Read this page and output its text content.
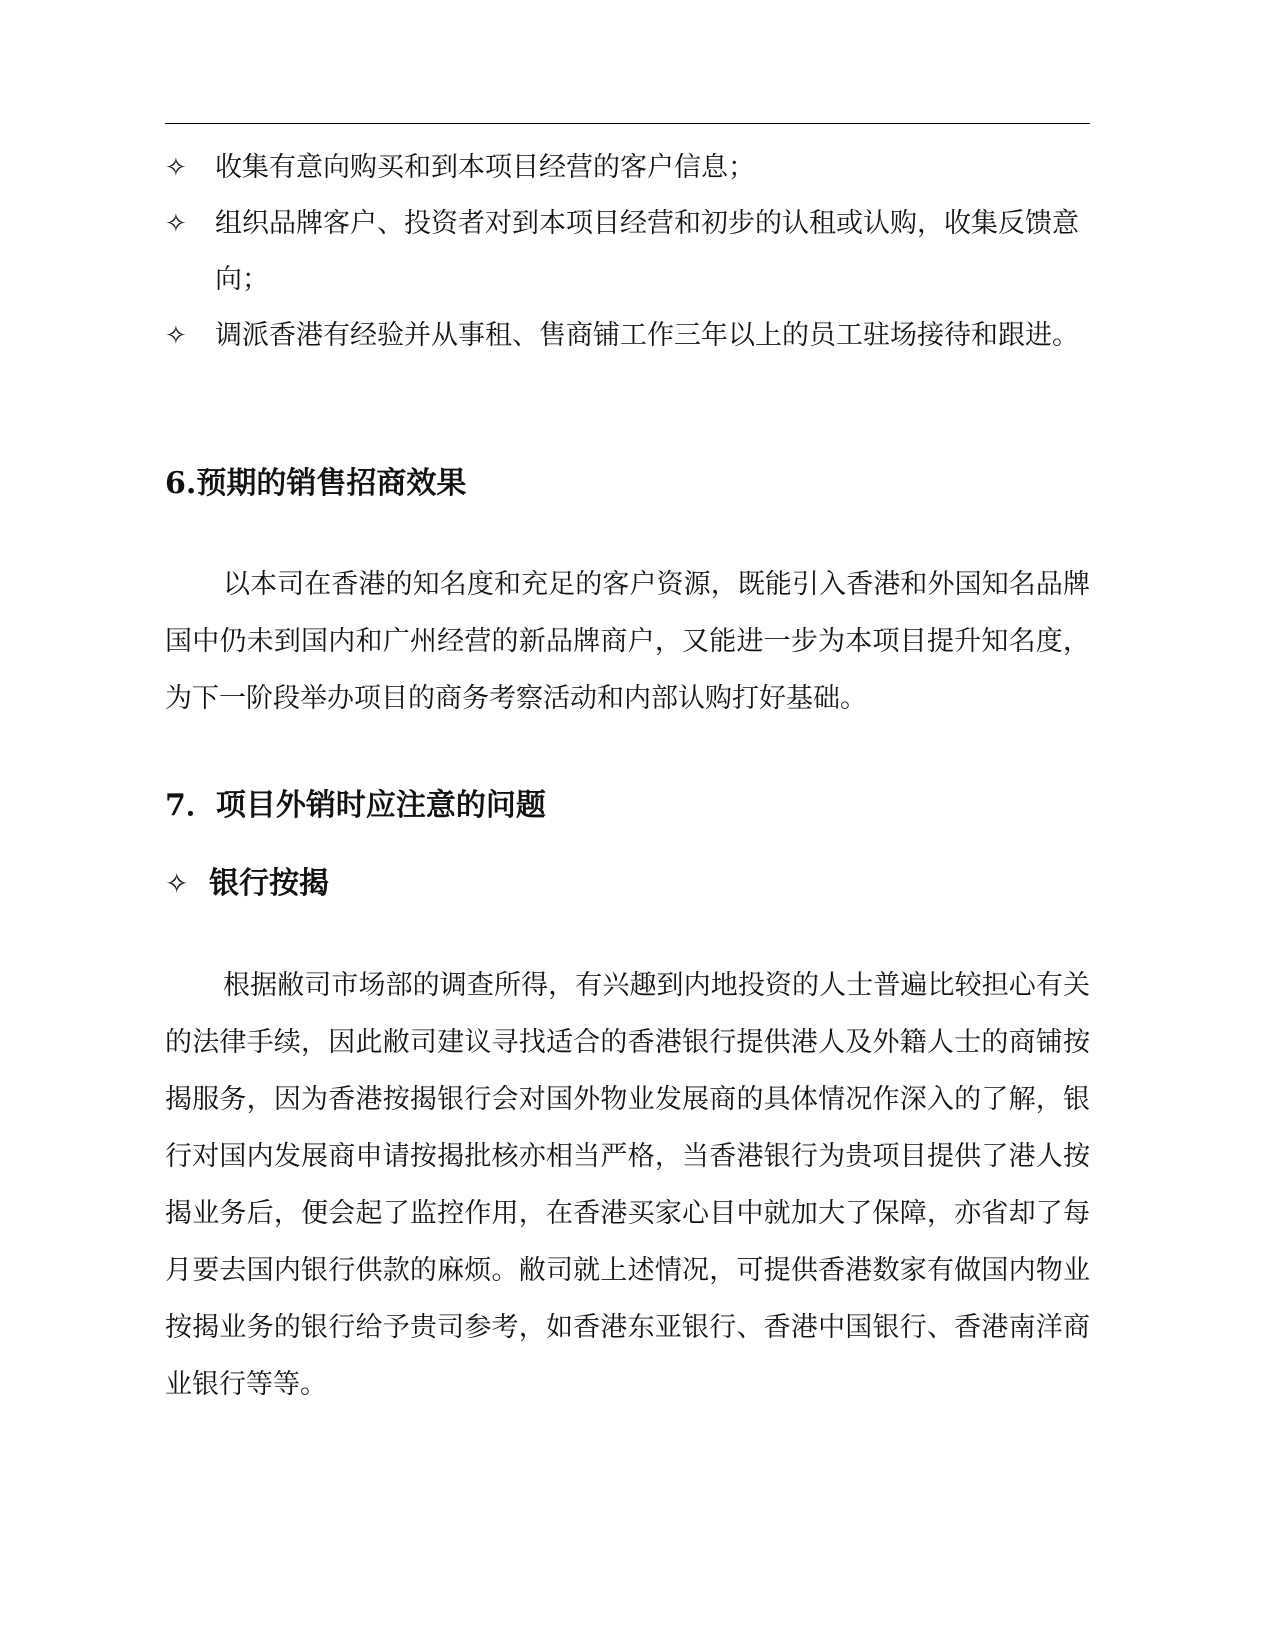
✧	收集有意向购买和到本项目经营的客户信息；

✧	组织品牌客户、投资者对到本项目经营和初步的认租或认购，收集反馈意向；

✧	调派香港有经验并从事租、售商铺工作三年以上的员工驻场接待和跟进。

6.预期的销售招商效果

以本司在香港的知名度和充足的客户资源，既能引入香港和外国知名品牌国中仍未到国内和广州经营的新品牌商户，又能进一步为本项目提升知名度，为下一阶段举办项目的商务考察活动和内部认购打好基础。

7．项目外销时应注意的问题
✧ 银行按揭

根据敝司市场部的调查所得，有兴趣到内地投资的人士普遍比较担心有关的法律手续，因此敝司建议寻找适合的香港银行提供港人及外籍人士的商铺按揭服务，因为香港按揭银行会对国外物业发展商的具体情况作深入的了解，银行对国内发展商申请按揭批核亦相当严格，当香港银行为贵项目提供了港人按揭业务后，便会起了监控作用，在香港买家心目中就加大了保障，亦省却了每月要去国内银行供款的麻烦。敝司就上述情况，可提供香港数家有做国内物业按揭业务的银行给予贵司参考，如香港东亚银行、香港中国银行、香港南洋商业银行等等。
